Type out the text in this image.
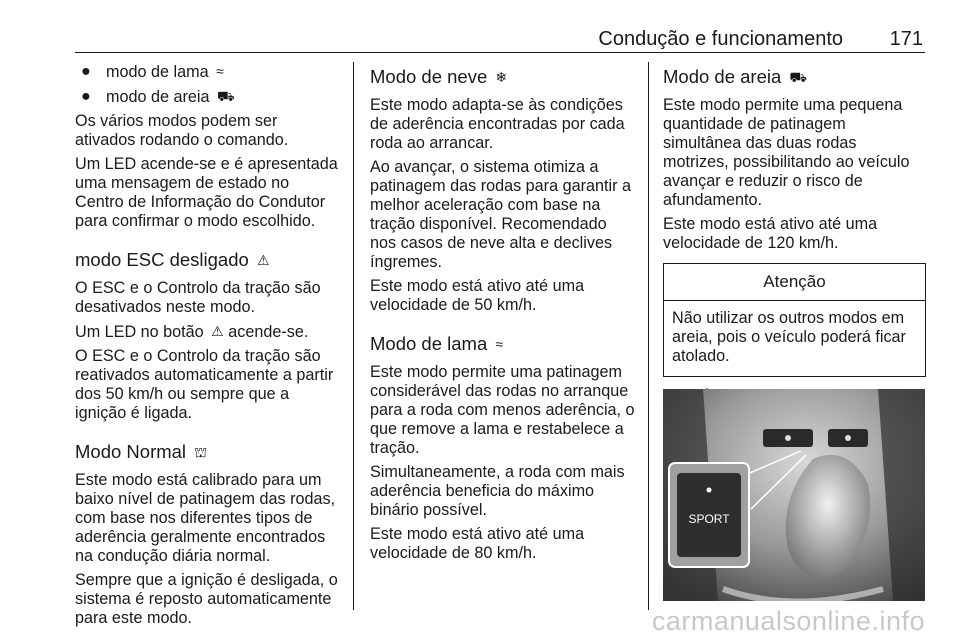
Condução e funcionamento 171
● modo de lama ≈
● modo de areia ⛟

Os vários modos podem ser ativados rodando o comando.

Um LED acende-se e é apresentada uma mensagem de estado no Centro de Informação do Condutor para confirmar o modo escolhido.

modo ESC desligado ⚠

O ESC e o Controlo da tração são desativados neste modo.

Um LED no botão ⚠ acende-se.

O ESC e o Controlo da tração são reativados automaticamente a partir dos 50 km/h ou sempre que a ignição é ligada.

Modo Normal ⛫

Este modo está calibrado para um baixo nível de patinagem das rodas, com base nos diferentes tipos de aderência geralmente encontrados na condução diária normal.

Sempre que a ignição é desligada, o sistema é reposto automaticamente para este modo.

Modo de neve ❄

Este modo adapta-se às condições de aderência encontradas por cada roda ao arrancar.

Ao avançar, o sistema otimiza a patinagem das rodas para garantir a melhor aceleração com base na tração disponível. Recomendado nos casos de neve alta e declives íngremes.

Este modo está ativo até uma velocidade de 50 km/h.

Modo de lama ≈

Este modo permite uma patinagem considerável das rodas no arranque para a roda com menos aderência, o que remove a lama e restabelece a tração.

Simultaneamente, a roda com mais aderência beneficia do máximo binário possível.

Este modo está ativo até uma velocidade de 80 km/h.

Modo de areia ⛟

Este modo permite uma pequena quantidade de patinagem simultânea das duas rodas motrizes, possibilitando ao veículo avançar e reduzir o risco de afundamento.

Este modo está ativo até uma velocidade de 120 km/h.

Atenção
Não utilizar os outros modos em areia, pois o veículo poderá ficar atolado.
SPORT
carmanualsonline.info
